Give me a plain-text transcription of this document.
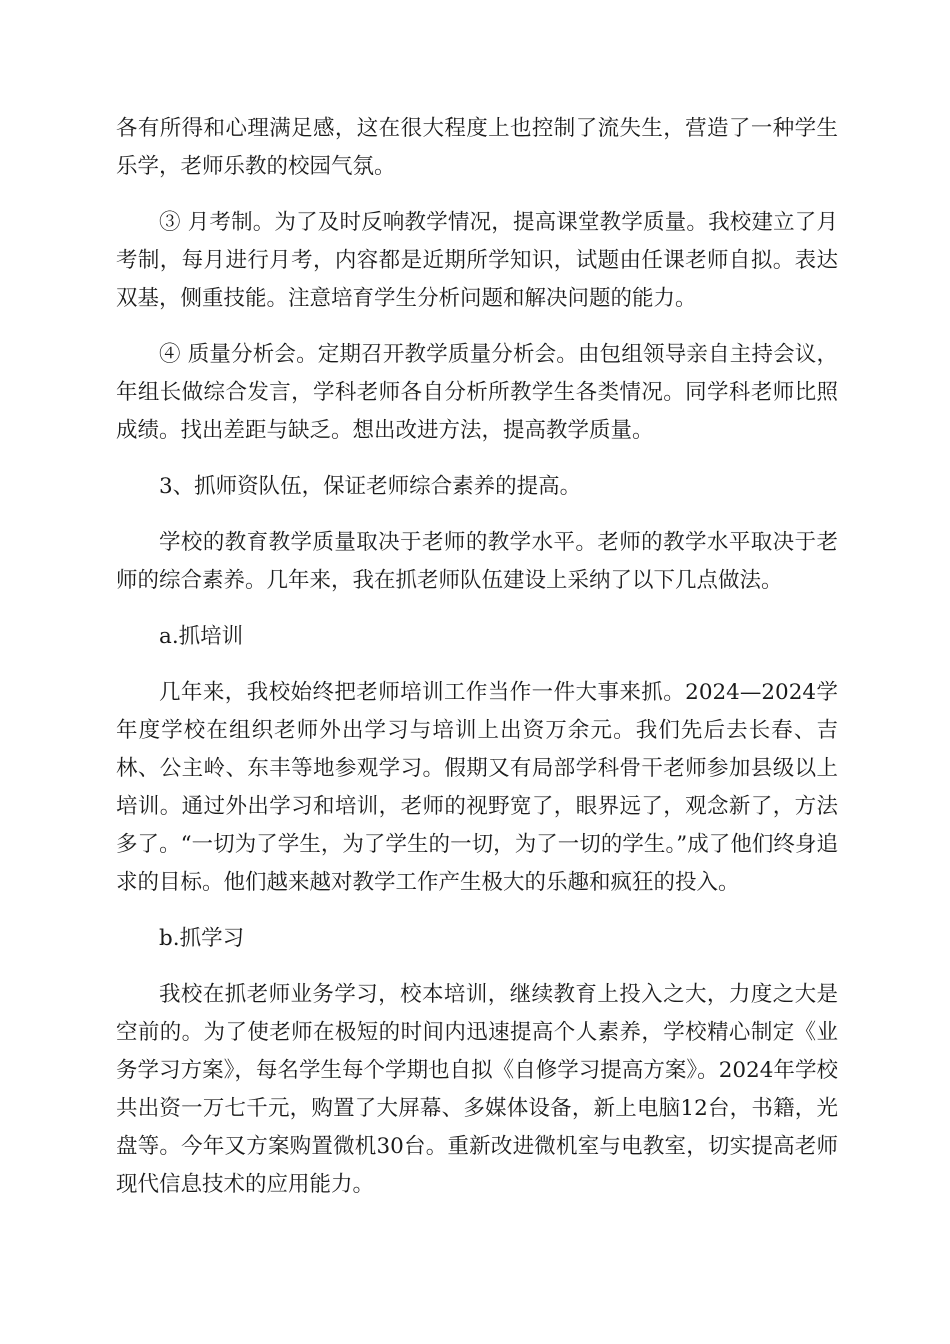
各有所得和心理满足感，这在很大程度上也控制了流失生，营造了一种学生乐学，老师乐教的校园气氛。

③ 月考制。为了及时反响教学情况，提高课堂教学质量。我校建立了月考制，每月进行月考，内容都是近期所学知识，试题由任课老师自拟。表达双基，侧重技能。注意培育学生分析问题和解决问题的能力。

④ 质量分析会。定期召开教学质量分析会。由包组领导亲自主持会议，年组长做综合发言，学科老师各自分析所教学生各类情况。同学科老师比照成绩。找出差距与缺乏。想出改进方法，提高教学质量。

3、抓师资队伍，保证老师综合素养的提高。

学校的教育教学质量取决于老师的教学水平。老师的教学水平取决于老师的综合素养。几年来，我在抓老师队伍建设上采纳了以下几点做法。

a.抓培训

几年来，我校始终把老师培训工作当作一件大事来抓。2024—2024学年度学校在组织老师外出学习与培训上出资万余元。我们先后去长春、吉林、公主岭、东丰等地参观学习。假期又有局部学科骨干老师参加县级以上培训。通过外出学习和培训，老师的视野宽了，眼界远了，观念新了，方法多了。“一切为了学生，为了学生的一切，为了一切的学生。”成了他们终身追求的目标。他们越来越对教学工作产生极大的乐趣和疯狂的投入。

b.抓学习

我校在抓老师业务学习，校本培训，继续教育上投入之大，力度之大是空前的。为了使老师在极短的时间内迅速提高个人素养，学校精心制定《业务学习方案》，每名学生每个学期也自拟《自修学习提高方案》。2024年学校共出资一万七千元，购置了大屏幕、多媒体设备，新上电脑12台，书籍，光盘等。今年又方案购置微机30台。重新改进微机室与电教室，切实提高老师现代信息技术的应用能力。
